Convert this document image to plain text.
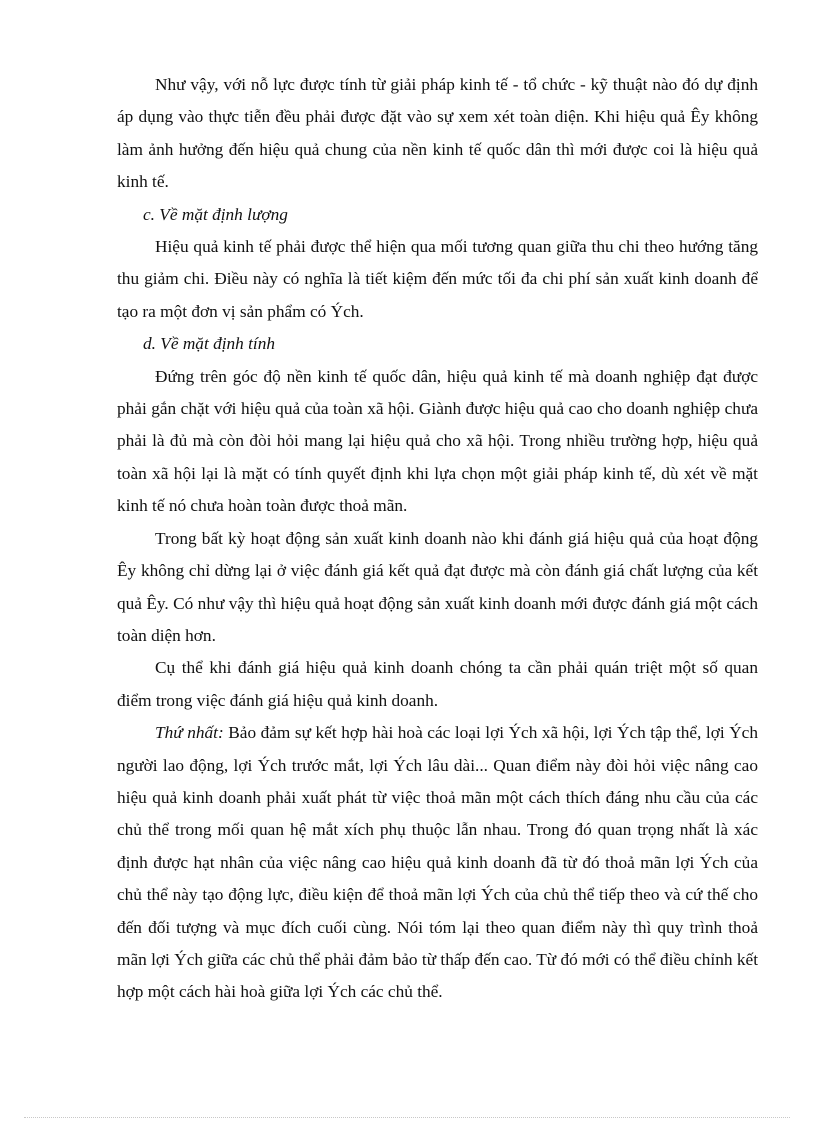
Như vậy, với nỗ lực được tính từ giải pháp kinh tế - tổ chức - kỹ thuật nào đó dự định áp dụng vào thực tiễn đều phải được đặt vào sự xem xét toàn diện. Khi hiệu quả Êy không làm ảnh hưởng đến hiệu quả chung của nền kinh tế quốc dân thì mới được coi là hiệu quả kinh tế.

c. Về mặt định lượng

Hiệu quả kinh tế phải được thể hiện qua mối tương quan giữa thu chi theo hướng tăng thu giảm chi. Điều này có nghĩa là tiết kiệm đến mức tối đa chi phí sản xuất kinh doanh để tạo ra một đơn vị sản phẩm có Ých.

d. Về mặt định tính

Đứng trên góc độ nền kinh tế quốc dân, hiệu quả kinh tế mà doanh nghiệp đạt được phải gắn chặt với hiệu quả của toàn xã hội. Giành được hiệu quả cao cho doanh nghiệp chưa phải là đủ mà còn đòi hỏi mang lại hiệu quả cho xã hội. Trong nhiều trường hợp, hiệu quả toàn xã hội lại là mặt có tính quyết định khi lựa chọn một giải pháp kinh tế, dù xét về mặt kinh tế nó chưa hoàn toàn được thoả mãn.

Trong bất kỳ hoạt động sản xuất kinh doanh nào khi đánh giá hiệu quả của hoạt động Êy không chỉ dừng lại ở việc đánh giá kết quả đạt được mà còn đánh giá chất lượng của kết quả Êy. Có như vậy thì hiệu quả hoạt động sản xuất kinh doanh mới được đánh giá một cách toàn diện hơn.

Cụ thể khi đánh giá hiệu quả kinh doanh chóng ta cần phải quán triệt một số quan điểm trong việc đánh giá hiệu quả kinh doanh.

Thứ nhất: Bảo đảm sự kết hợp hài hoà các loại lợi Ých xã hội, lợi Ých tập thể, lợi Ých người lao động, lợi Ých trước mắt, lợi Ých lâu dài... Quan điểm này đòi hỏi việc nâng cao hiệu quả kinh doanh phải xuất phát từ việc thoả mãn một cách thích đáng nhu cầu của các chủ thể trong mối quan hệ mắt xích phụ thuộc lẫn nhau. Trong đó quan trọng nhất là xác định được hạt nhân của việc nâng cao hiệu quả kinh doanh đã từ đó thoả mãn lợi Ých của chủ thể này tạo động lực, điều kiện để thoả mãn lợi Ých của chủ thể tiếp theo và cứ thế cho đến đối tượng và mục đích cuối cùng. Nói tóm lại theo quan điểm này thì quy trình thoả mãn lợi Ých giữa các chủ thể phải đảm bảo từ thấp đến cao. Từ đó mới có thể điều chỉnh kết hợp một cách hài hoà giữa lợi Ých các chủ thể.
